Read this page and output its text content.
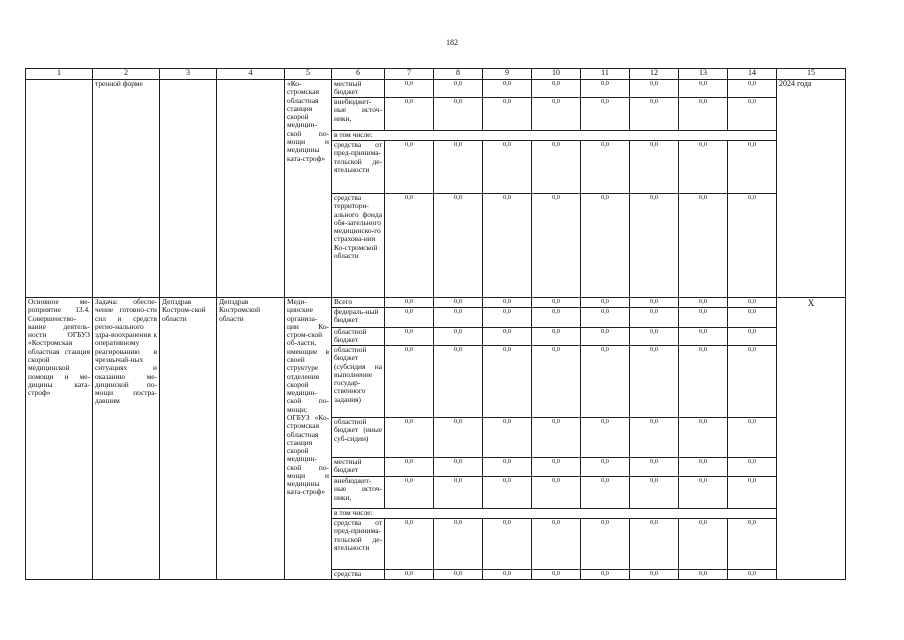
182
1	2	3	4	5	6	7	8	9	10	11	12	13	14	15
	тренной форме			«Ко-стромская областная станция скорой медицин-ской по-мощи и медицины ката-строф»	местный бюджет	0,0	0,0	0,0	0,0	0,0	0,0	0,0	0,0	2024 года
					внебюджет-ные источ-ники,	0,0	0,0	0,0	0,0	0,0	0,0	0,0	0,0	
					в том числе:									
					средства от пред-принима-тельской де-ятельности	0,0	0,0	0,0	0,0	0,0	0,0	0,0	0,0	
					средства территори-ального фонда обя-зательного медицинско-го страхова-ния Ко-стромской области	0,0	0,0	0,0	0,0	0,0	0,0	0,0	0,0	
Основное ме-роприятие 13.4. Совершенство-вание деятель-ности ОГБУЗ «Костромская областная станция скорой медицинской помощи и ме-дицины ката-строф»	Задача: обеспе-чение готовно-сти сил и средств регио-нального здра-воохранения к оперативному реагированию в чрезвычай-ных ситуациях и оказанию ме-дицинской по-мощи постра-давшим	Депздрав Костром-ской области	Депздрав Костромской области	Меди-цинские организа-ции Ко-стром-ской об-ласти, имеющие в своей структуре отделения скорой медицин-ской по-мощи; ОГБУЗ «Ко-стромская областная станция скорой медицин-ской по-мощи и медицины ката-строф»	Всего	0,0	0,0	0,0	0,0	0,0	0,0	0,0	0,0	Х
					федераль-ный бюджет	0,0	0,0	0,0	0,0	0,0	0,0	0,0	0,0	
					областной бюджет	0,0	0,0	0,0	0,0	0,0	0,0	0,0	0,0	
					областной бюджет (субсидия на выполнение государ-ственного задания)	0,0	0,0	0,0	0,0	0,0	0,0	0,0	0,0	
					областной бюджет (иные суб-сидии)	0,0	0,0	0,0	0,0	0,0	0,0	0,0	0,0	
					местный бюджет	0,0	0,0	0,0	0,0	0,0	0,0	0,0	0,0	
					внебюджет-ные источ-ники,	0,0	0,0	0,0	0,0	0,0	0,0	0,0	0,0	
					в том числе:									
					средства от пред-принима-тельской де-ятельности	0,0	0,0	0,0	0,0	0,0	0,0	0,0	0,0	
					средства	0,0	0,0	0,0	0,0	0,0	0,0	0,0	0,0	
